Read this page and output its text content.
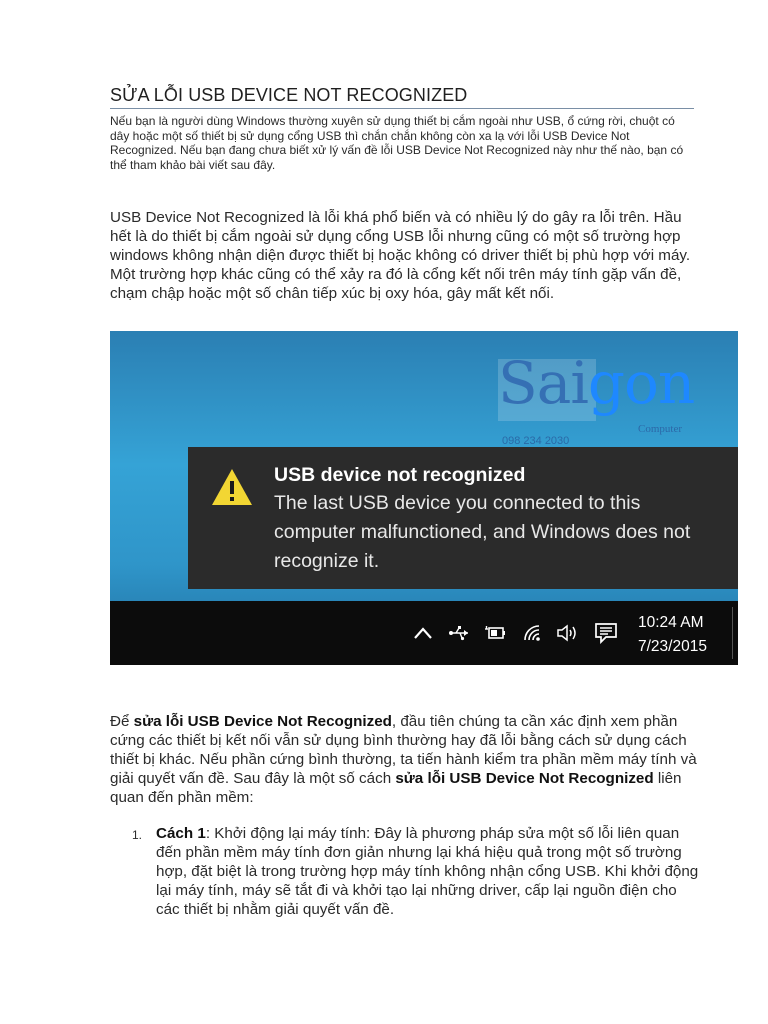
SỬA LỖI USB DEVICE NOT RECOGNIZED

Nếu bạn là người dùng Windows thường xuyên sử dụng thiết bị cắm ngoài như USB, ổ cứng rời, chuột có dây hoặc một số thiết bị sử dụng cổng USB thì chắn chắn không còn xa lạ với lỗi USB Device Not Recognized. Nếu bạn đang chưa biết xử lý vấn đề lỗi USB Device Not Recognized này như thế nào, bạn có thể tham khảo bài viết sau đây.

USB Device Not Recognized là lỗi khá phổ biến và có nhiều lý do gây ra lỗi trên. Hầu hết là do thiết bị cắm ngoài sử dụng cổng USB lỗi nhưng cũng có một số trường hợp windows không nhận diện được thiết bị hoặc không có driver thiết bị phù hợp với máy. Một trường hợp khác cũng có thể xảy ra đó là cổng kết nối trên máy tính gặp vấn đề, chạm chập hoặc một số chân tiếp xúc bị oxy hóa, gây mất kết nối.

Saigon
Computer
098 234 2030
USB device not recognized
The last USB device you connected to this computer malfunctioned, and Windows does not recognize it.
10:24 AM
7/23/2015

Để sửa lỗi USB Device Not Recognized, đầu tiên chúng ta cần xác định xem phần cứng các thiết bị kết nối vẫn sử dụng bình thường hay đã lỗi bằng cách sử dụng cách thiết bị khác. Nếu phần cứng bình thường, ta tiến hành kiểm tra phần mềm máy tính và giải quyết vấn đề. Sau đây là một số cách sửa lỗi USB Device Not Recognized liên quan đến phần mềm:

1. Cách 1: Khởi động lại máy tính: Đây là phương pháp sửa một số lỗi liên quan đến phần mềm máy tính đơn giản nhưng lại khá hiệu quả trong một số trường hợp, đặt biệt là trong trường hợp máy tính không nhận cổng USB. Khi khởi động lại máy tính, máy sẽ tắt đi và khởi tạo lại những driver, cấp lại nguồn điện cho các thiết bị nhằm giải quyết vấn đề.
